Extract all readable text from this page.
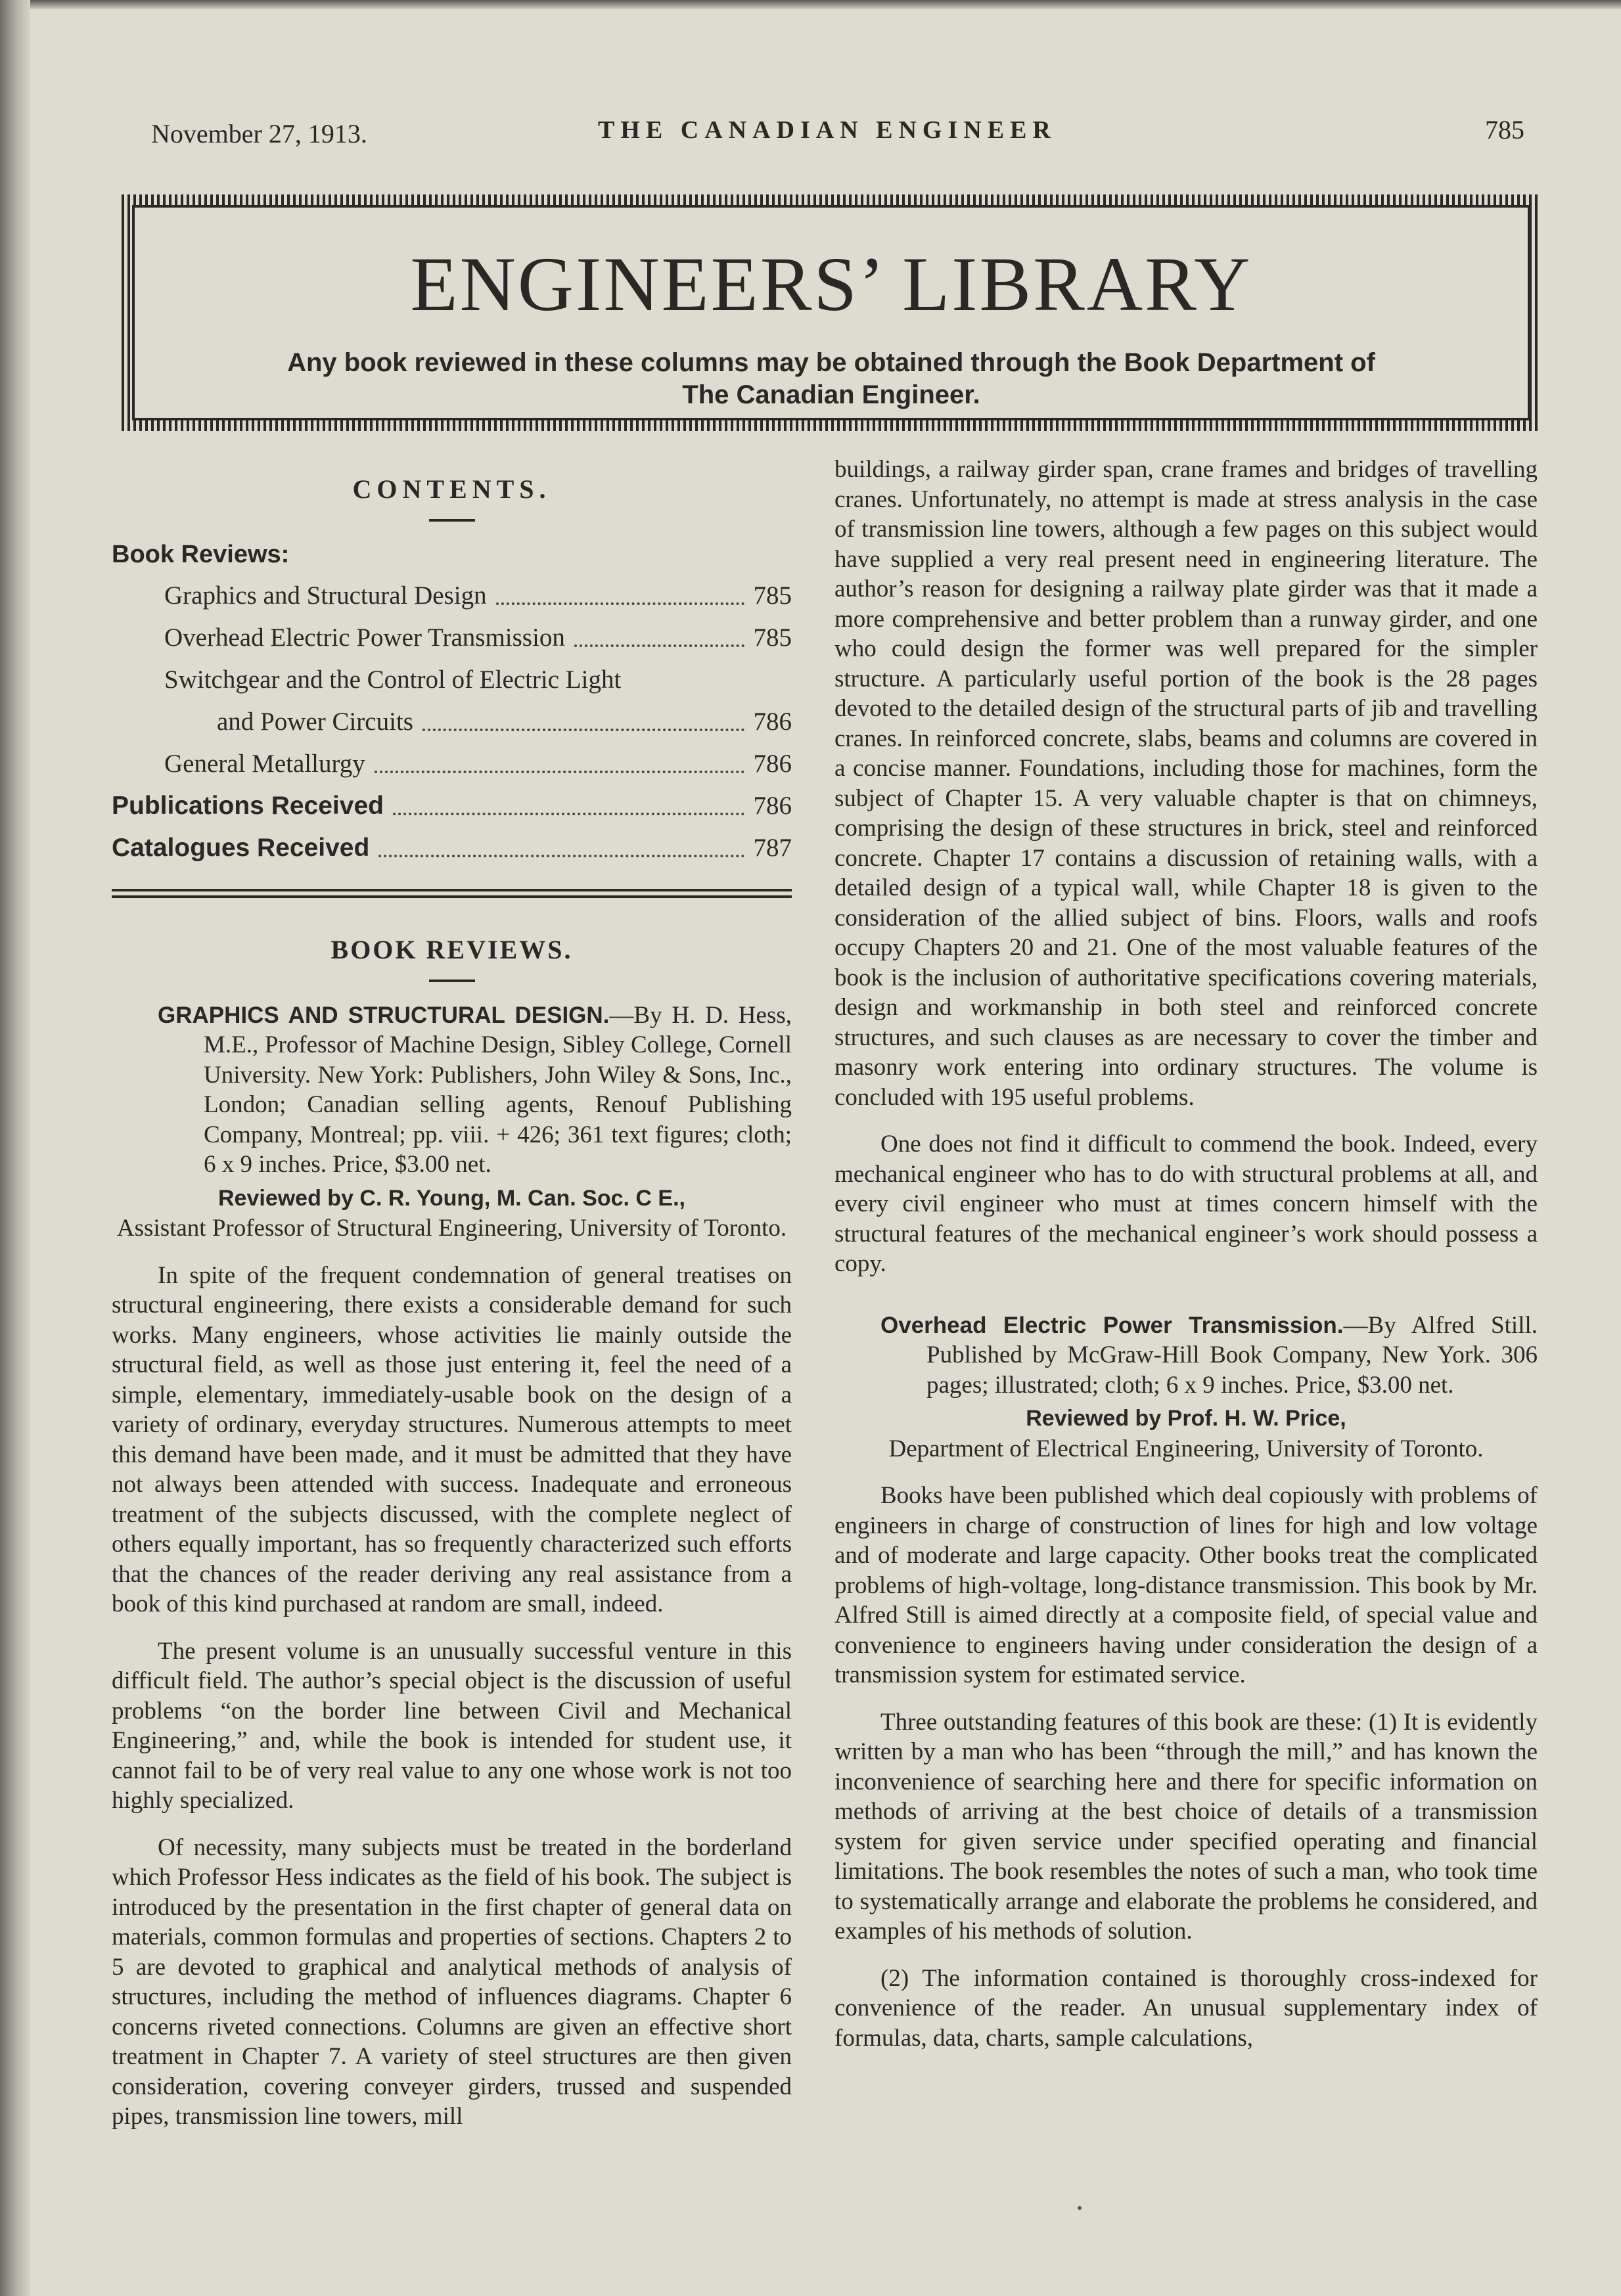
November 27, 1913.	THE CANADIAN ENGINEER	785
ENGINEERS’ LIBRARY
Any book reviewed in these columns may be obtained through the Book Department of
The Canadian Engineer.
CONTENTS.
Book Reviews:
Graphics and Structural Design	785
Overhead Electric Power Transmission	785
Switchgear and the Control of Electric Light
and Power Circuits	786
General Metallurgy	786
Publications Received	786
Catalogues Received	787
BOOK REVIEWS.

GRAPHICS AND STRUCTURAL DESIGN.—By H. D. Hess, M.E., Professor of Machine Design, Sibley College, Cornell University. New York: Publishers, John Wiley & Sons, Inc., London; Canadian selling agents, Renouf Publishing Company, Montreal; pp. viii. + 426; 361 text figures; cloth; 6 x 9 inches. Price, $3.00 net.

Reviewed by C. R. Young, M. Can. Soc. C E.,
Assistant Professor of Structural Engineering, University of Toronto.

In spite of the frequent condemnation of general treatises on structural engineering, there exists a considerable demand for such works. Many engineers, whose activities lie mainly outside the structural field, as well as those just entering it, feel the need of a simple, elementary, immediately-usable book on the design of a variety of ordinary, everyday structures. Numerous attempts to meet this demand have been made, and it must be admitted that they have not always been attended with success. Inadequate and erroneous treatment of the subjects discussed, with the complete neglect of others equally important, has so frequently characterized such efforts that the chances of the reader deriving any real assistance from a book of this kind purchased at random are small, indeed.

The present volume is an unusually successful venture in this difficult field. The author’s special object is the discussion of useful problems “on the border line between Civil and Mechanical Engineering,” and, while the book is intended for student use, it cannot fail to be of very real value to any one whose work is not too highly specialized.

Of necessity, many subjects must be treated in the borderland which Professor Hess indicates as the field of his book. The subject is introduced by the presentation in the first chapter of general data on materials, common formulas and properties of sections. Chapters 2 to 5 are devoted to graphical and analytical methods of analysis of structures, including the method of influences diagrams. Chapter 6 concerns riveted connections. Columns are given an effective short treatment in Chapter 7. A variety of steel structures are then given consideration, covering conveyer girders, trussed and suspended pipes, transmission line towers, mill

buildings, a railway girder span, crane frames and bridges of travelling cranes. Unfortunately, no attempt is made at stress analysis in the case of transmission line towers, although a few pages on this subject would have supplied a very real present need in engineering literature. The author’s reason for designing a railway plate girder was that it made a more comprehensive and better problem than a runway girder, and one who could design the former was well prepared for the simpler structure. A particularly useful portion of the book is the 28 pages devoted to the detailed design of the structural parts of jib and travelling cranes. In reinforced concrete, slabs, beams and columns are covered in a concise manner. Foundations, including those for machines, form the subject of Chapter 15. A very valuable chapter is that on chimneys, comprising the design of these structures in brick, steel and reinforced concrete. Chapter 17 contains a discussion of retaining walls, with a detailed design of a typical wall, while Chapter 18 is given to the consideration of the allied subject of bins. Floors, walls and roofs occupy Chapters 20 and 21. One of the most valuable features of the book is the inclusion of authoritative specifications covering materials, design and workmanship in both steel and reinforced concrete structures, and such clauses as are necessary to cover the timber and masonry work entering into ordinary structures. The volume is concluded with 195 useful problems.

One does not find it difficult to commend the book. Indeed, every mechanical engineer who has to do with structural problems at all, and every civil engineer who must at times concern himself with the structural features of the mechanical engineer’s work should possess a copy.

Overhead Electric Power Transmission.—By Alfred Still. Published by McGraw-Hill Book Company, New York. 306 pages; illustrated; cloth; 6 x 9 inches. Price, $3.00 net.

Reviewed by Prof. H. W. Price,
Department of Electrical Engineering, University of Toronto.

Books have been published which deal copiously with problems of engineers in charge of construction of lines for high and low voltage and of moderate and large capacity. Other books treat the complicated problems of high-voltage, long-distance transmission. This book by Mr. Alfred Still is aimed directly at a composite field, of special value and convenience to engineers having under consideration the design of a transmission system for estimated service.

Three outstanding features of this book are these: (1) It is evidently written by a man who has been “through the mill,” and has known the inconvenience of searching here and there for specific information on methods of arriving at the best choice of details of a transmission system for given service under specified operating and financial limitations. The book resembles the notes of such a man, who took time to systematically arrange and elaborate the problems he considered, and examples of his methods of solution.

(2) The information contained is thoroughly cross-indexed for convenience of the reader. An unusual supplementary index of formulas, data, charts, sample calculations,
